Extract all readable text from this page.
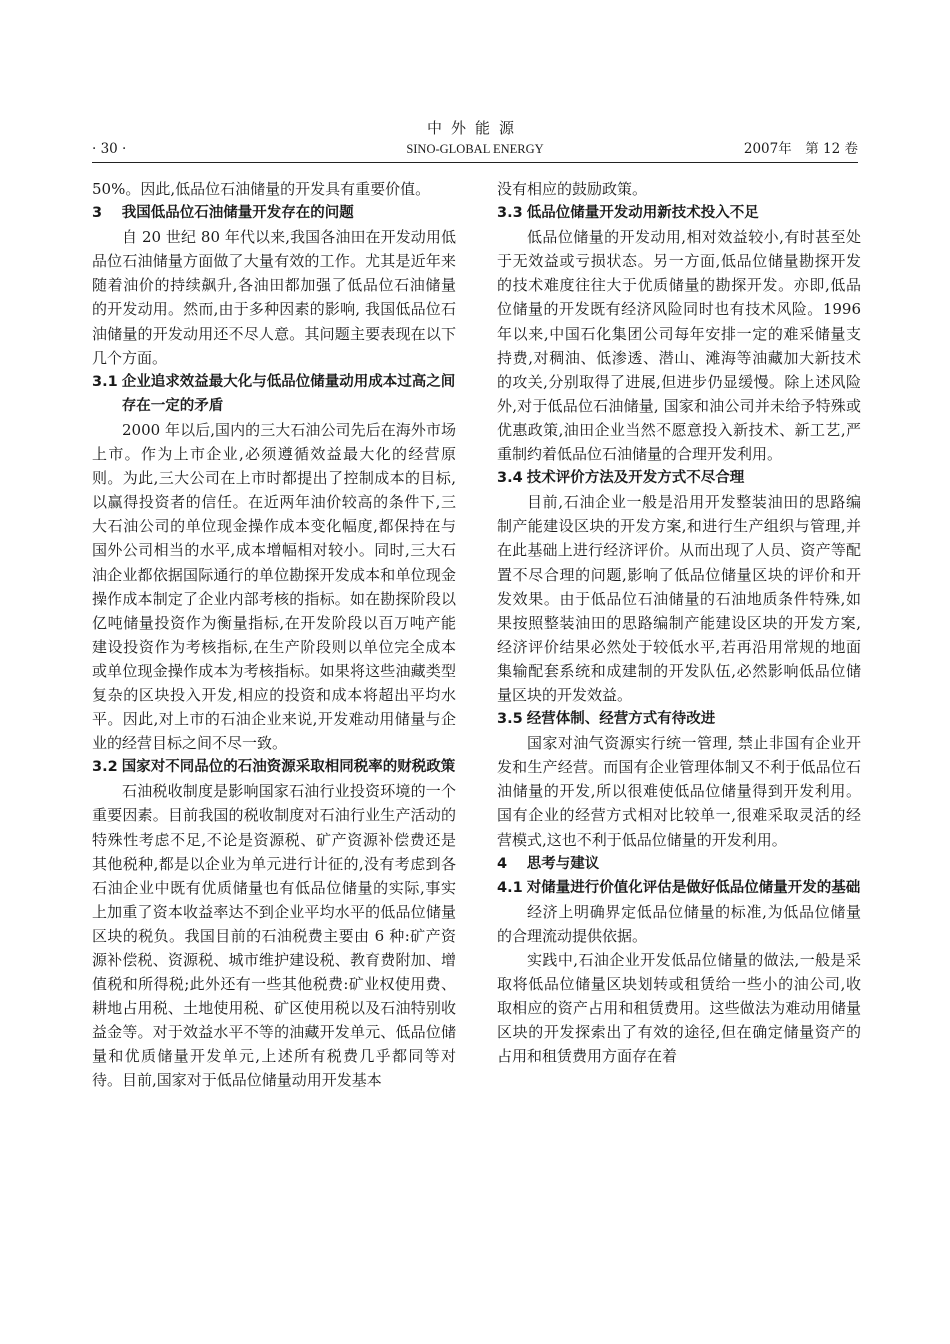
中外能源
· 30 ·	SINO-GLOBAL ENERGY	2007年　第 12 卷

50%。因此,低品位石油储量的开发具有重要价值。

3 我国低品位石油储量开发存在的问题

自 20 世纪 80 年代以来,我国各油田在开发动用低品位石油储量方面做了大量有效的工作。尤其是近年来随着油价的持续飙升,各油田都加强了低品位石油储量的开发动用。然而,由于多种因素的影响, 我国低品位石油储量的开发动用还不尽人意。其问题主要表现在以下几个方面。

3.1 企业追求效益最大化与低品位储量动用成本过高之间存在一定的矛盾

2000 年以后,国内的三大石油公司先后在海外市场上市。作为上市企业,必须遵循效益最大化的经营原则。为此,三大公司在上市时都提出了控制成本的目标,以赢得投资者的信任。在近两年油价较高的条件下,三大石油公司的单位现金操作成本变化幅度,都保持在与国外公司相当的水平,成本增幅相对较小。同时,三大石油企业都依据国际通行的单位勘探开发成本和单位现金操作成本制定了企业内部考核的指标。如在勘探阶段以亿吨储量投资作为衡量指标,在开发阶段以百万吨产能建设投资作为考核指标,在生产阶段则以单位完全成本或单位现金操作成本为考核指标。如果将这些油藏类型复杂的区块投入开发,相应的投资和成本将超出平均水平。因此,对上市的石油企业来说,开发难动用储量与企业的经营目标之间不尽一致。

3.2 国家对不同品位的石油资源采取相同税率的财税政策

石油税收制度是影响国家石油行业投资环境的一个重要因素。目前我国的税收制度对石油行业生产活动的特殊性考虑不足,不论是资源税、矿产资源补偿费还是其他税种,都是以企业为单元进行计征的,没有考虑到各石油企业中既有优质储量也有低品位储量的实际,事实上加重了资本收益率达不到企业平均水平的低品位储量区块的税负。我国目前的石油税费主要由 6 种:矿产资源补偿税、资源税、城市维护建设税、教育费附加、增值税和所得税;此外还有一些其他税费:矿业权使用费、耕地占用税、土地使用税、矿区使用税以及石油特别收益金等。对于效益水平不等的油藏开发单元、低品位储量和优质储量开发单元,上述所有税费几乎都同等对待。目前,国家对于低品位储量动用开发基本

没有相应的鼓励政策。

3.3 低品位储量开发动用新技术投入不足

低品位储量的开发动用,相对效益较小,有时甚至处于无效益或亏损状态。另一方面,低品位储量勘探开发的技术难度往往大于优质储量的勘探开发。亦即,低品位储量的开发既有经济风险同时也有技术风险。1996 年以来,中国石化集团公司每年安排一定的难采储量支持费,对稠油、低渗透、潜山、滩海等油藏加大新技术的攻关,分别取得了进展,但进步仍显缓慢。除上述风险外,对于低品位石油储量, 国家和油公司并未给予特殊或优惠政策,油田企业当然不愿意投入新技术、新工艺,严重制约着低品位石油储量的合理开发利用。

3.4 技术评价方法及开发方式不尽合理

目前,石油企业一般是沿用开发整装油田的思路编制产能建设区块的开发方案,和进行生产组织与管理,并在此基础上进行经济评价。从而出现了人员、资产等配置不尽合理的问题,影响了低品位储量区块的评价和开发效果。由于低品位石油储量的石油地质条件特殊,如果按照整装油田的思路编制产能建设区块的开发方案,经济评价结果必然处于较低水平,若再沿用常规的地面集输配套系统和成建制的开发队伍,必然影响低品位储量区块的开发效益。

3.5 经营体制、经营方式有待改进

国家对油气资源实行统一管理, 禁止非国有企业开发和生产经营。而国有企业管理体制又不利于低品位石油储量的开发,所以很难使低品位储量得到开发利用。国有企业的经营方式相对比较单一,很难采取灵活的经营模式,这也不利于低品位储量的开发利用。

4 思考与建议
4.1 对储量进行价值化评估是做好低品位储量开发的基础

经济上明确界定低品位储量的标准,为低品位储量的合理流动提供依据。

实践中,石油企业开发低品位储量的做法,一般是采取将低品位储量区块划转或租赁给一些小的油公司,收取相应的资产占用和租赁费用。这些做法为难动用储量区块的开发探索出了有效的途径,但在确定储量资产的占用和租赁费用方面存在着
